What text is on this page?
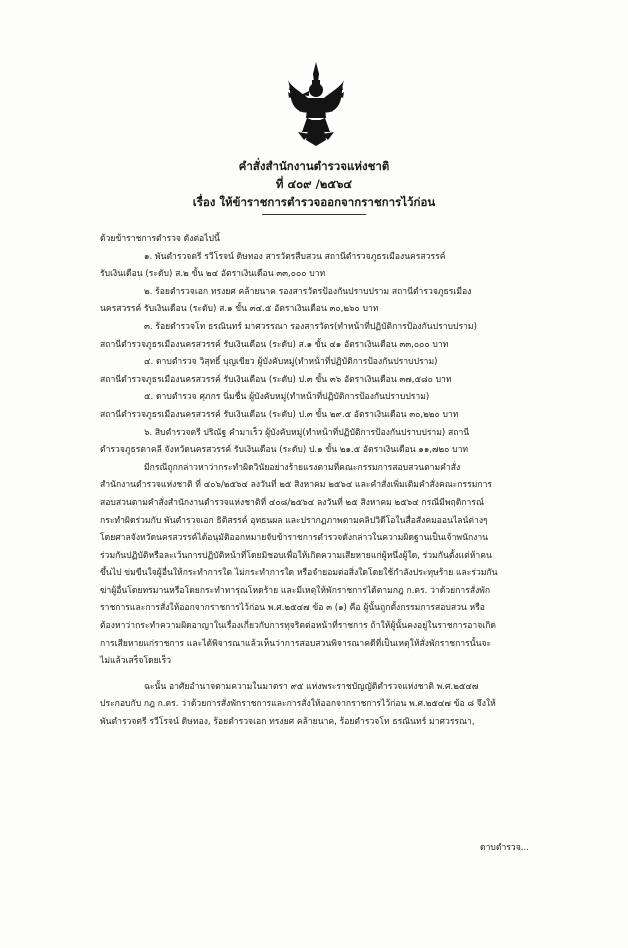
คำสั่งสำนักงานตำรวจแห่งชาติ
ที่ ๔๐๙ /๒๕๖๔
เรื่อง ให้ข้าราชการตำรวจออกจากราชการไว้ก่อน

ด้วยข้าราชการตำรวจ ดังต่อไปนี้

๑. พันตำรวจตรี รวีโรจน์ ดิษทอง สารวัตรสืบสวน สถานีตำรวจภูธรเมืองนครสวรรค์

รับเงินเดือน (ระดับ) ส.๒ ขั้น ๒๔ อัตราเงินเดือน ๓๓,๐๐๐ บาท

๒. ร้อยตำรวจเอก ทรงยศ คล้ายนาค รองสารวัตรป้องกันปราบปราม สถานีตำรวจภูธรเมือง

นครสวรรค์ รับเงินเดือน (ระดับ) ส.๑ ขั้น ๓๔.๕ อัตราเงินเดือน ๓๐,๒๖๐ บาท

๓. ร้อยตำรวจโท ธรณินทร์ มาศวรรณา รองสารวัตร(ทำหน้าที่ปฏิบัติการป้องกันปราบปราม)

สถานีตำรวจภูธรเมืองนครสวรรค์ รับเงินเดือน (ระดับ) ส.๑ ขั้น ๔๑ อัตราเงินเดือน ๓๓,๐๐๐ บาท

๔. ดาบตำรวจ วิสุทธิ์ บุญเขียว ผู้บังคับหมู่(ทำหน้าที่ปฏิบัติการป้องกันปราบปราม)

สถานีตำรวจภูธรเมืองนครสวรรค์ รับเงินเดือน (ระดับ) ป.๓ ขั้น ๓๖ อัตราเงินเดือน ๓๗,๕๘๐ บาท

๕. ดาบตำรวจ ศุภกร นิ่มชื่น ผู้บังคับหมู่(ทำหน้าที่ปฏิบัติการป้องกันปราบปราม)

สถานีตำรวจภูธรเมืองนครสวรรค์ รับเงินเดือน (ระดับ) ป.๓ ขั้น ๒๙.๕ อัตราเงินเดือน ๓๐,๒๒๐ บาท

๖. สิบตำรวจตรี ปริณัฐ คำมาเร็ว ผู้บังคับหมู่(ทำหน้าที่ปฏิบัติการป้องกันปราบปราม) สถานี

ตำรวจภูธรตาคลี จังหวัดนครสวรรค์ รับเงินเดือน (ระดับ) ป.๑ ขั้น ๒๑.๕ อัตราเงินเดือน ๑๑,๗๒๐ บาท

มีกรณีถูกกล่าวหาว่ากระทำผิดวินัยอย่างร้ายแรงตามที่คณะกรรมการสอบสวนตามคำสั่ง

สำนักงานตำรวจแห่งชาติ ที่ ๔๐๖/๒๕๖๔ ลงวันที่ ๒๕ สิงหาคม ๒๕๖๔ และคำสั่งเพิ่มเติมคำสั่งคณะกรรมการ

สอบสวนตามคำสั่งสำนักงานตำรวจแห่งชาติที่ ๔๐๘/๒๕๖๔ ลงวันที่ ๒๕ สิงหาคม ๒๕๖๔ กรณีมีพฤติการณ์

กระทำผิดร่วมกับ พันตำรวจเอก ธิติสรรค์ อุทธนผล และปรากฏภาพตามคลิปวิดีโอในสื่อสังคมออนไลน์ต่างๆ

โดยศาลจังหวัดนครสวรรค์ได้อนุมัติออกหมายจับข้าราชการตำรวจดังกล่าวในความผิดฐานเป็นเจ้าพนักงาน

ร่วมกันปฏิบัติหรือละเว้นการปฏิบัติหน้าที่โดยมิชอบเพื่อให้เกิดความเสียหายแก่ผู้หนึ่งผู้ใด, ร่วมกันตั้งแต่ห้าคน

ขึ้นไป ข่มขืนใจผู้อื่นให้กระทำการใด ไม่กระทำการใด หรือจำยอมต่อสิ่งใดโดยใช้กำลังประทุษร้าย และร่วมกัน

ฆ่าผู้อื่นโดยทรมานหรือโดยกระทำทารุณโหดร้าย และมีเหตุให้พักราชการได้ตามกฎ ก.ตร. ว่าด้วยการสั่งพัก

ราชการและการสั่งให้ออกจากราชการไว้ก่อน พ.ศ.๒๕๔๗ ข้อ ๓ (๑) คือ ผู้นั้นถูกตั้งกรรมการสอบสวน หรือ

ต้องหาว่ากระทำความผิดอาญาในเรื่องเกี่ยวกับการทุจริตต่อหน้าที่ราชการ ถ้าให้ผู้นั้นคงอยู่ในราชการอาจเกิด

การเสียหายแก่ราชการ และได้พิจารณาแล้วเห็นว่าการสอบสวนพิจารณาคดีที่เป็นเหตุให้สั่งพักราชการนั้นจะ

ไม่แล้วเสร็จโดยเร็ว

ฉะนั้น อาศัยอำนาจตามความในมาตรา ๙๕ แห่งพระราชบัญญัติตำรวจแห่งชาติ พ.ศ.๒๕๔๗

ประกอบกับ กฎ ก.ตร. ว่าด้วยการสั่งพักราชการและการสั่งให้ออกจากราชการไว้ก่อน พ.ศ.๒๕๔๗ ข้อ ๘ จึงให้

พันตำรวจตรี รวีโรจน์ ดิษทอง, ร้อยตำรวจเอก ทรงยศ คล้ายนาค, ร้อยตำรวจโท ธรณินทร์ มาศวรรณา,

ดาบตำรวจ...
